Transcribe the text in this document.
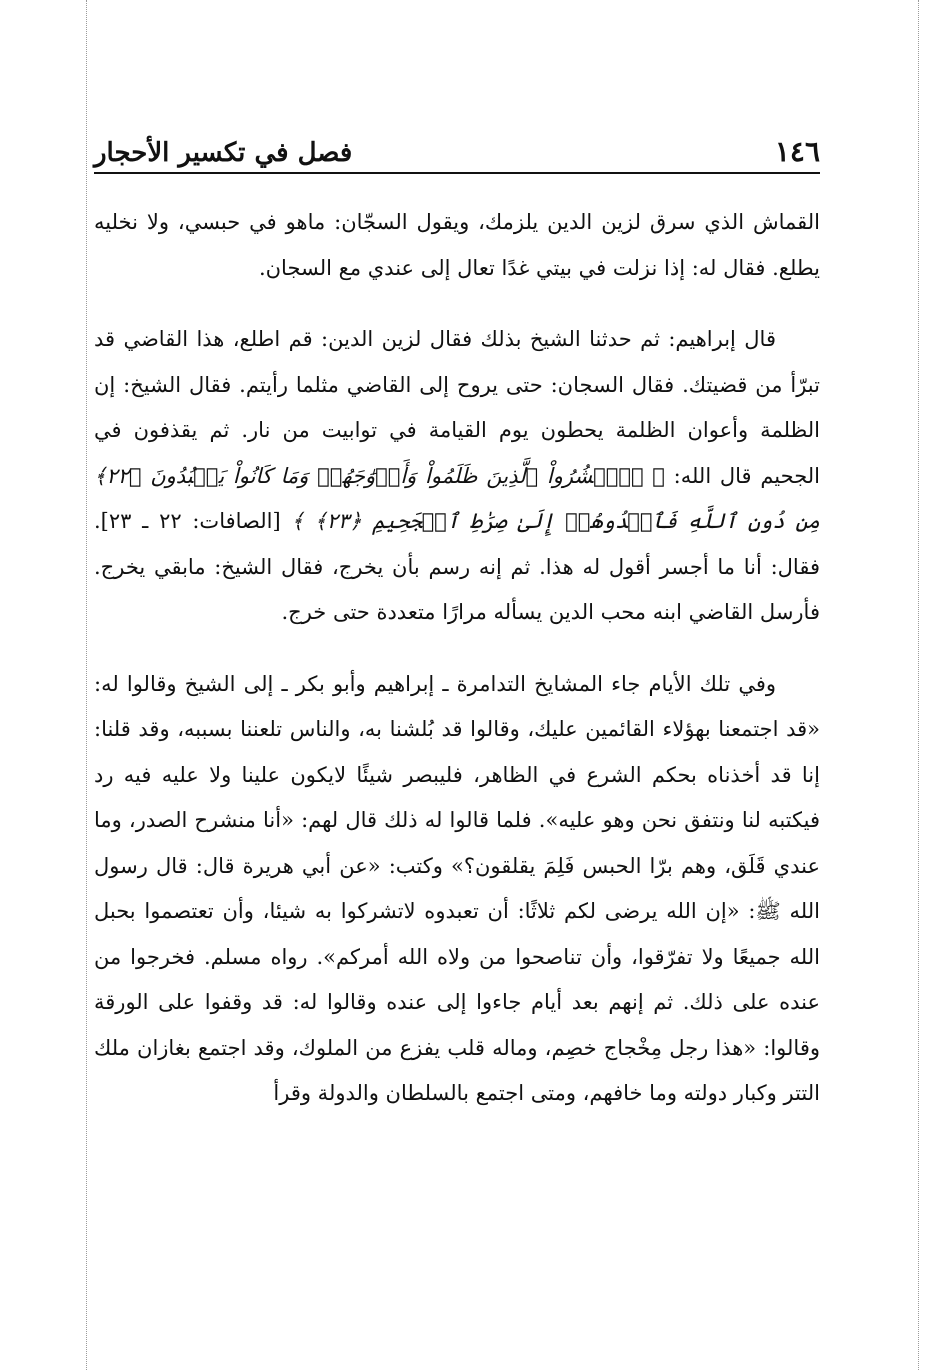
١٤٦
فصل في تكسير الأحجار

القماش الذي سرق لزين الدين يلزمك، ويقول السجّان: ماهو في حبسي، ولا نخليه يطلع. فقال له: إذا نزلت في بيتي غدًا تعال إلى عندي مع السجان.

قال إبراهيم: ثم حدثنا الشيخ بذلك فقال لزين الدين: قم اطلع، هذا القاضي قد تبرّأ من قضيتك. فقال السجان: حتى يروح إلى القاضي مثلما رأيتم. فقال الشيخ: إن الظلمة وأعوان الظلمة يحطون يوم القيامة في توابيت من نار. ثم يقذفون في الجحيم قال الله: ﴿ ۞ٱحۡشُرُواْ ٱلَّذِينَ ظَلَمُواْ وَأَزۡوَٰجَهُمۡ وَمَا كَانُواْ يَعۡبُدُونَ ﴿٢٢﴾ مِن دُونِ ٱللَّهِ فَٱهۡدُوهُمۡ إِلَىٰ صِرَٰطِ ٱلۡجَحِيمِ ﴿٢٣﴾ ﴾ [الصافات: ٢٢ ـ ٢٣]. فقال: أنا ما أجسر أقول له هذا. ثم إنه رسم بأن يخرج، فقال الشيخ: مابقي يخرج. فأرسل القاضي ابنه محب الدين يسأله مرارًا متعددة حتى خرج.

وفي تلك الأيام جاء المشايخ التدامرة ـ إبراهيم وأبو بكر ـ إلى الشيخ وقالوا له: «قد اجتمعنا بهؤلاء القائمين عليك، وقالوا قد بُلشنا به، والناس تلعننا بسببه، وقد قلنا: إنا قد أخذناه بحكم الشرع في الظاهر، فليبصر شيئًا لايكون علينا ولا عليه فيه رد فيكتبه لنا ونتفق نحن وهو عليه». فلما قالوا له ذلك قال لهم: «أنا منشرح الصدر، وما عندي قَلَق، وهم برّا الحبس فَلِمَ يقلقون؟» وكتب: «عن أبي هريرة قال: قال رسول الله ﷺ: «إن الله يرضى لكم ثلاثًا: أن تعبدوه لاتشركوا به شيئا، وأن تعتصموا بحبل الله جميعًا ولا تفرّقوا، وأن تناصحوا من ولاه الله أمركم». رواه مسلم. فخرجوا من عنده على ذلك. ثم إنهم بعد أيام جاءوا إلى عنده وقالوا له: قد وقفوا على الورقة وقالوا: «هذا رجل مِخْجاج خصِم، وماله قلب يفزع من الملوك، وقد اجتمع بغازان ملك التتر وكبار دولته وما خافهم، ومتى اجتمع بالسلطان والدولة وقرأ
